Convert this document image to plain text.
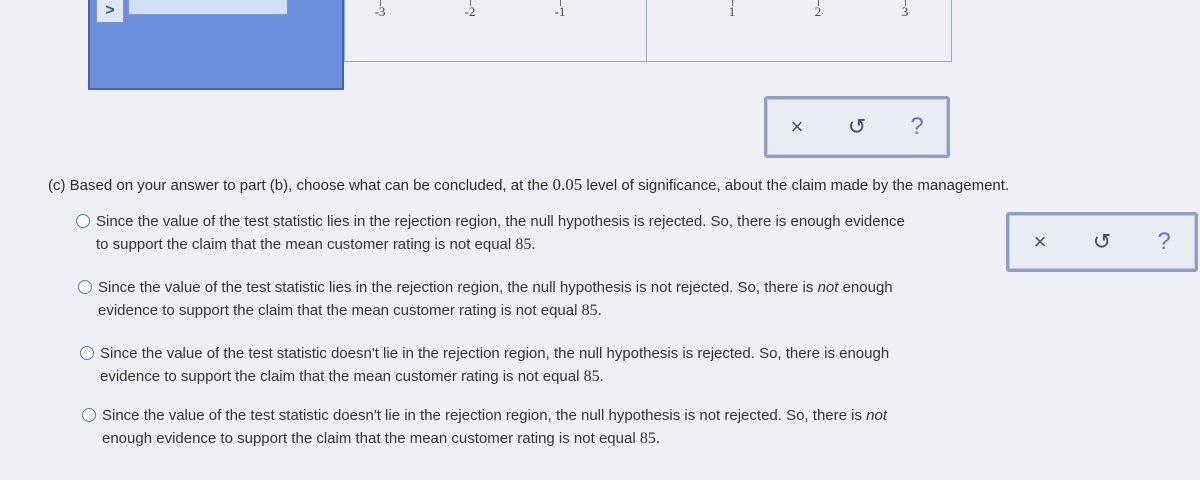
>	-3	-2	-1	1	2	3
×	↺	?
(c) Based on your answer to part (b), choose what can be concluded, at the 0.05 level of significance, about the claim made by the management.
Since the value of the test statistic lies in the rejection region, the null hypothesis is rejected. So, there is enough evidence
to support the claim that the mean customer rating is not equal 85.	×	↺	?
Since the value of the test statistic lies in the rejection region, the null hypothesis is not rejected. So, there is not enough
evidence to support the claim that the mean customer rating is not equal 85.
Since the value of the test statistic doesn't lie in the rejection region, the null hypothesis is rejected. So, there is enough
evidence to support the claim that the mean customer rating is not equal 85.
Since the value of the test statistic doesn't lie in the rejection region, the null hypothesis is not rejected. So, there is not
enough evidence to support the claim that the mean customer rating is not equal 85.
